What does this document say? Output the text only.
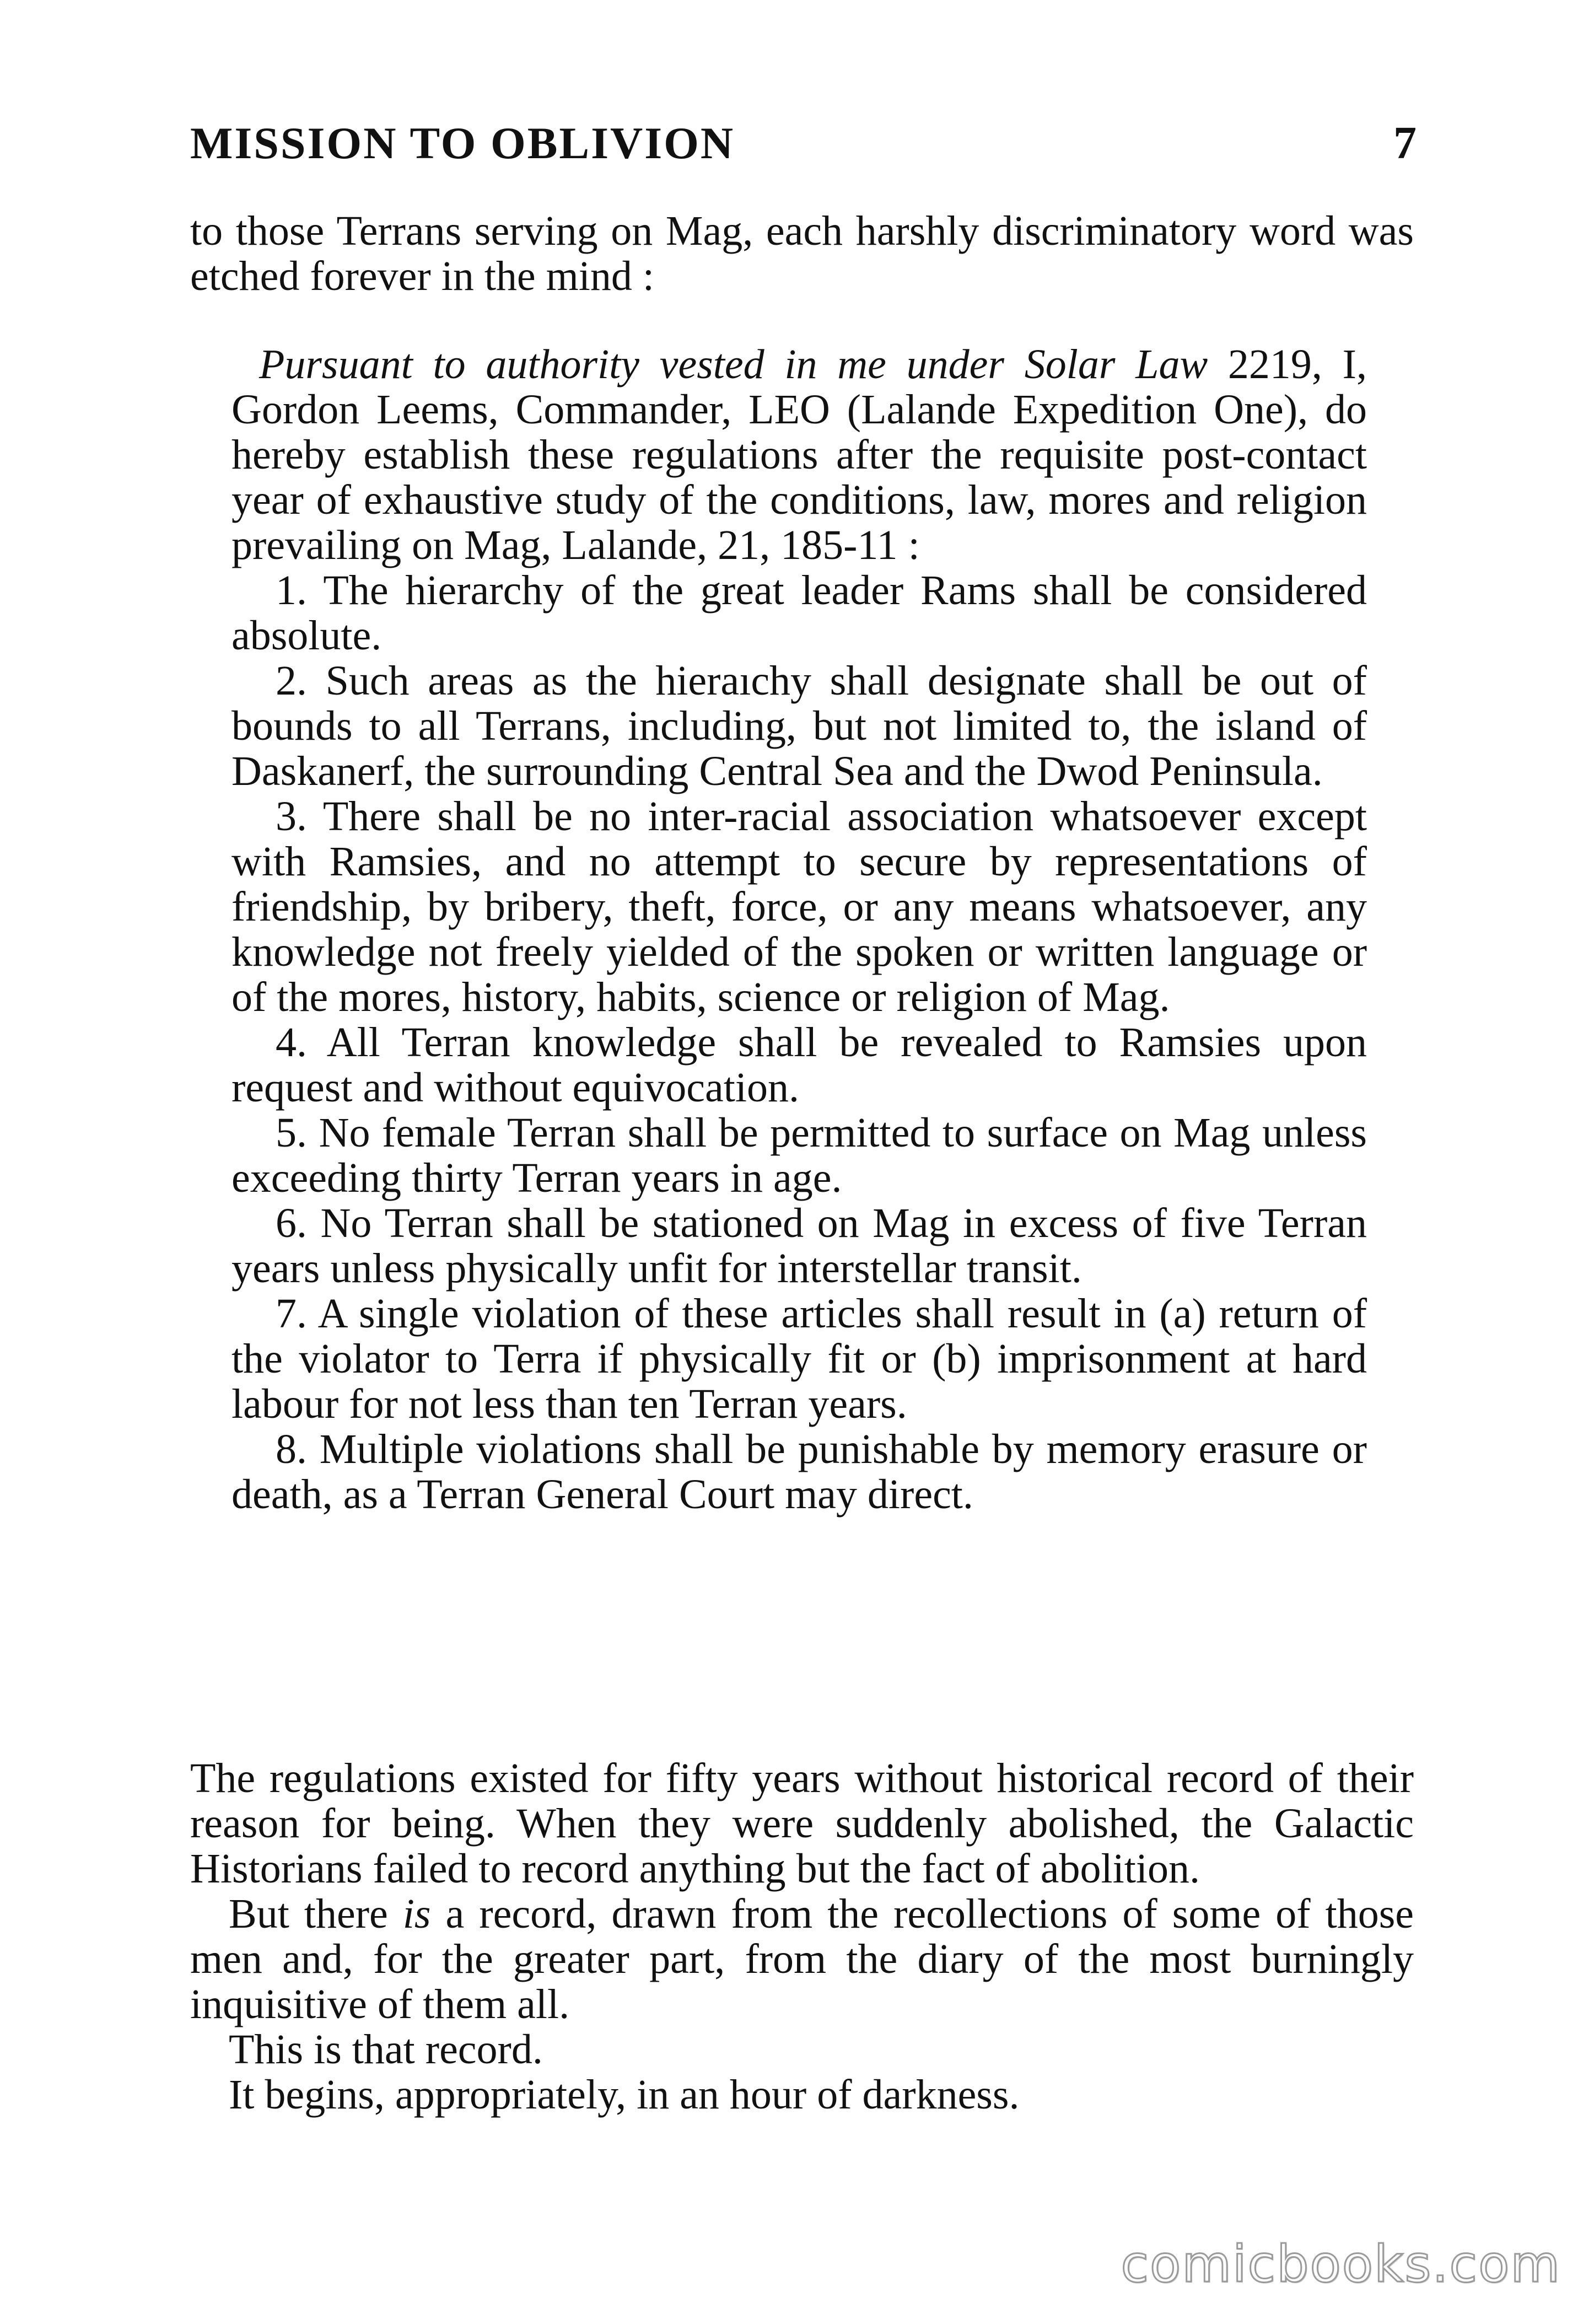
MISSION TO OBLIVION	7

to those Terrans serving on Mag, each harshly discriminatory word was etched forever in the mind :

Pursuant to authority vested in me under Solar Law 2219, I, Gordon Leems, Commander, LEO (Lalande Expedition One), do hereby establish these regulations after the requisite post-contact year of exhaustive study of the conditions, law, mores and religion prevailing on Mag, Lalande, 21, 185-11 :

1. The hierarchy of the great leader Rams shall be considered absolute.

2. Such areas as the hieraıchy shall designate shall be out of bounds to all Terrans, including, but not limited to, the island of Daskanerf, the surrounding Central Sea and the Dwod Peninsula.

3. There shall be no inter-racial association whatsoever except with Ramsies, and no attempt to secure by representations of friendship, by bribery, theft, force, or any means whatsoever, any knowledge not freely yielded of the spoken or written language or of the mores, history, habits, science or religion of Mag.

4. All Terran knowledge shall be revealed to Ramsies upon request and without equivocation.

5. No female Terran shall be permitted to surface on Mag unless exceeding thirty Terran years in age.

6. No Terran shall be stationed on Mag in excess of five Terran years unless physically unfit for interstellar transit.

7. A single violation of these articles shall result in (a) return of the violator to Terra if physically fit or (b) imprisonment at hard labour for not less than ten Terran years.

8. Multiple violations shall be punishable by memory erasure or death, as a Terran General Court may direct.

The regulations existed for fifty years without historical record of their reason for being. When they were suddenly abolished, the Galactic Historians failed to record anything but the fact of abolition.

But there is a record, drawn from the recollections of some of those men and, for the greater part, from the diary of the most burningly inquisitive of them all.

This is that record.

It begins, appropriately, in an hour of darkness.

comicbooks.com
